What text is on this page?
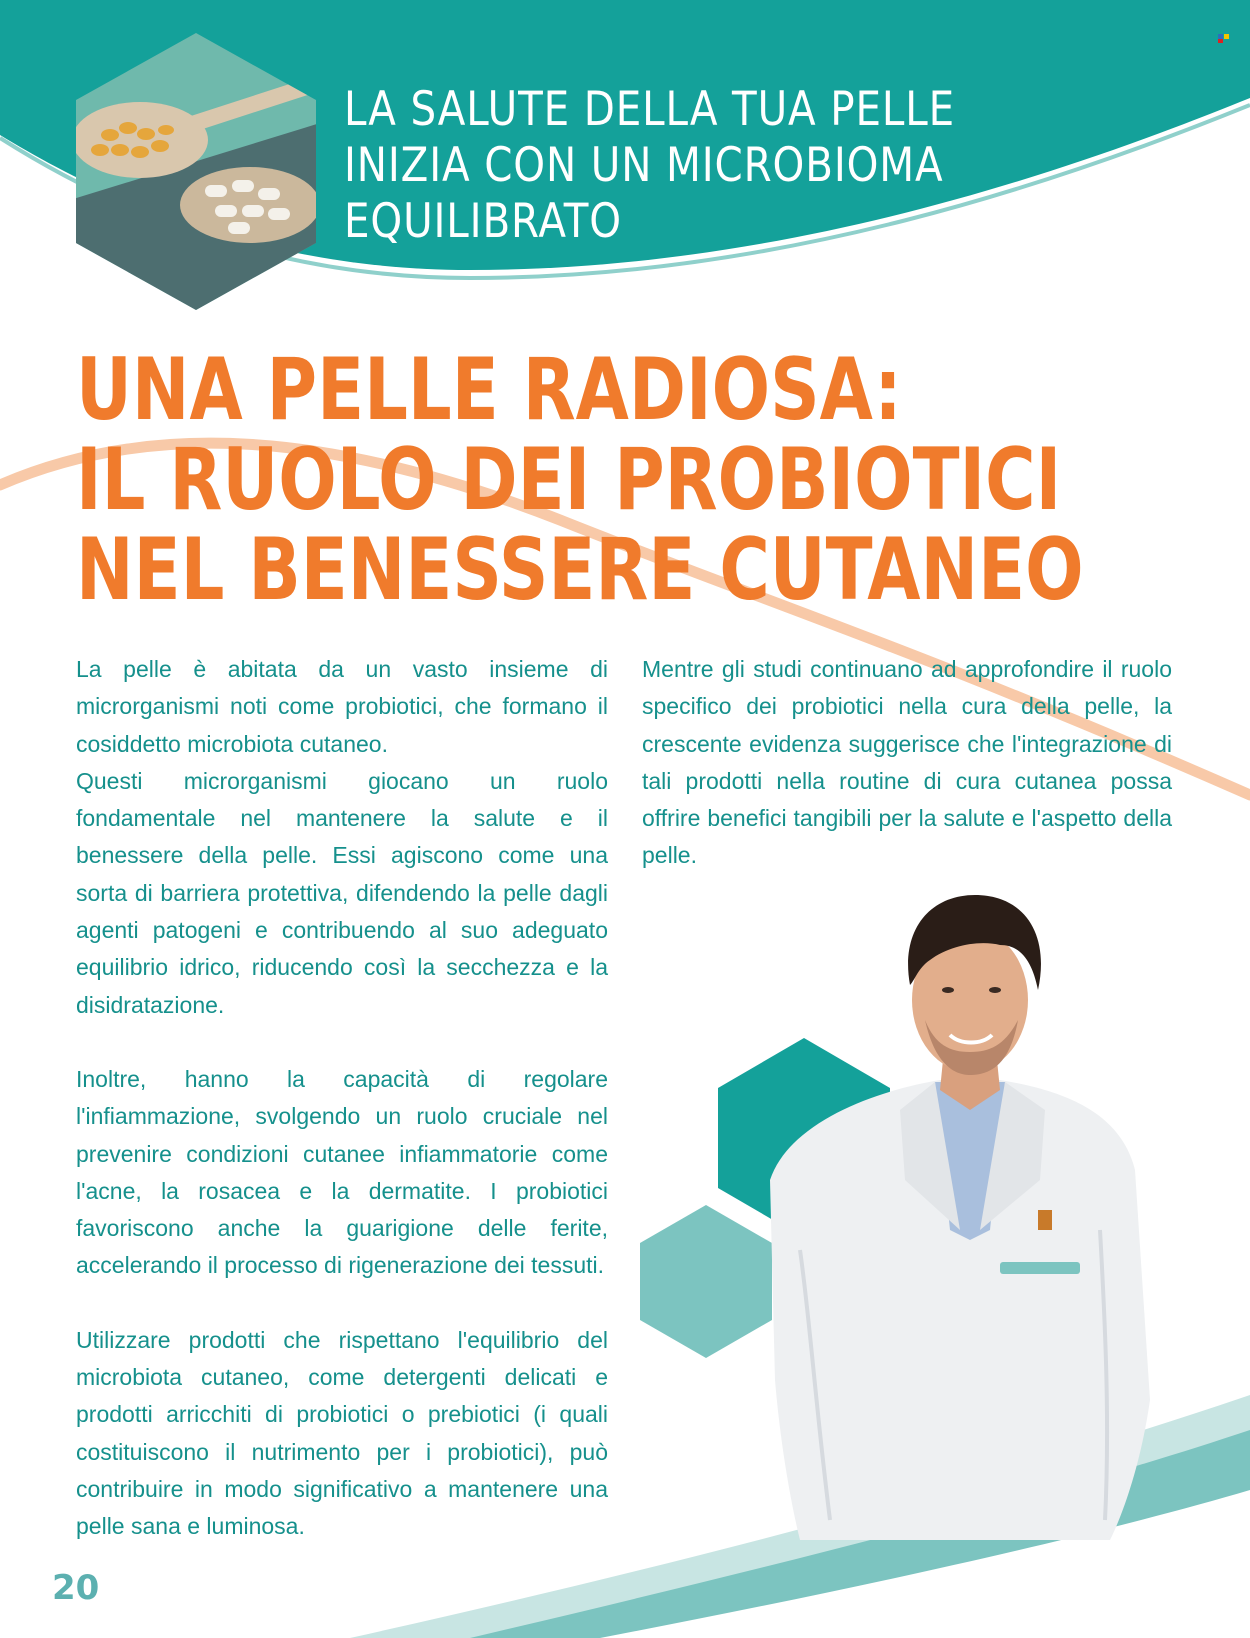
LA SALUTE DELLA TUA PELLE
INIZIA CON UN MICROBIOMA
EQUILIBRATO
UNA PELLE RADIOSA:
IL RUOLO DEI PROBIOTICI
NEL BENESSERE CUTANEO

La pelle è abitata da un vasto insieme di microrganismi noti come probiotici, che formano il cosiddetto microbiota cutaneo.

Questi microrganismi giocano un ruolo fondamentale nel mantenere la salute e il benessere della pelle. Essi agiscono come una sorta di barriera protettiva, difendendo la pelle dagli agenti patogeni e contribuendo al suo adeguato equilibrio idrico, riducendo così la secchezza e la disidratazione.

Inoltre, hanno la capacità di regolare l'infiammazione, svolgendo un ruolo cruciale nel prevenire condizioni cutanee infiammatorie come l'acne, la rosacea e la dermatite. I probiotici favoriscono anche la guarigione delle ferite, accelerando il processo di rigenerazione dei tessuti.

Utilizzare prodotti che rispettano l'equilibrio del microbiota cutaneo, come detergenti delicati e prodotti arricchiti di probiotici o prebiotici (i quali costituiscono il nutrimento per i probiotici), può contribuire in modo significativo a mantenere una pelle sana e luminosa.

Mentre gli studi continuano ad approfondire il ruolo specifico dei probiotici nella cura della pelle, la crescente evidenza suggerisce che l'integrazione di tali prodotti nella routine di cura cutanea possa offrire benefici tangibili per la salute e l'aspetto della pelle.

20
